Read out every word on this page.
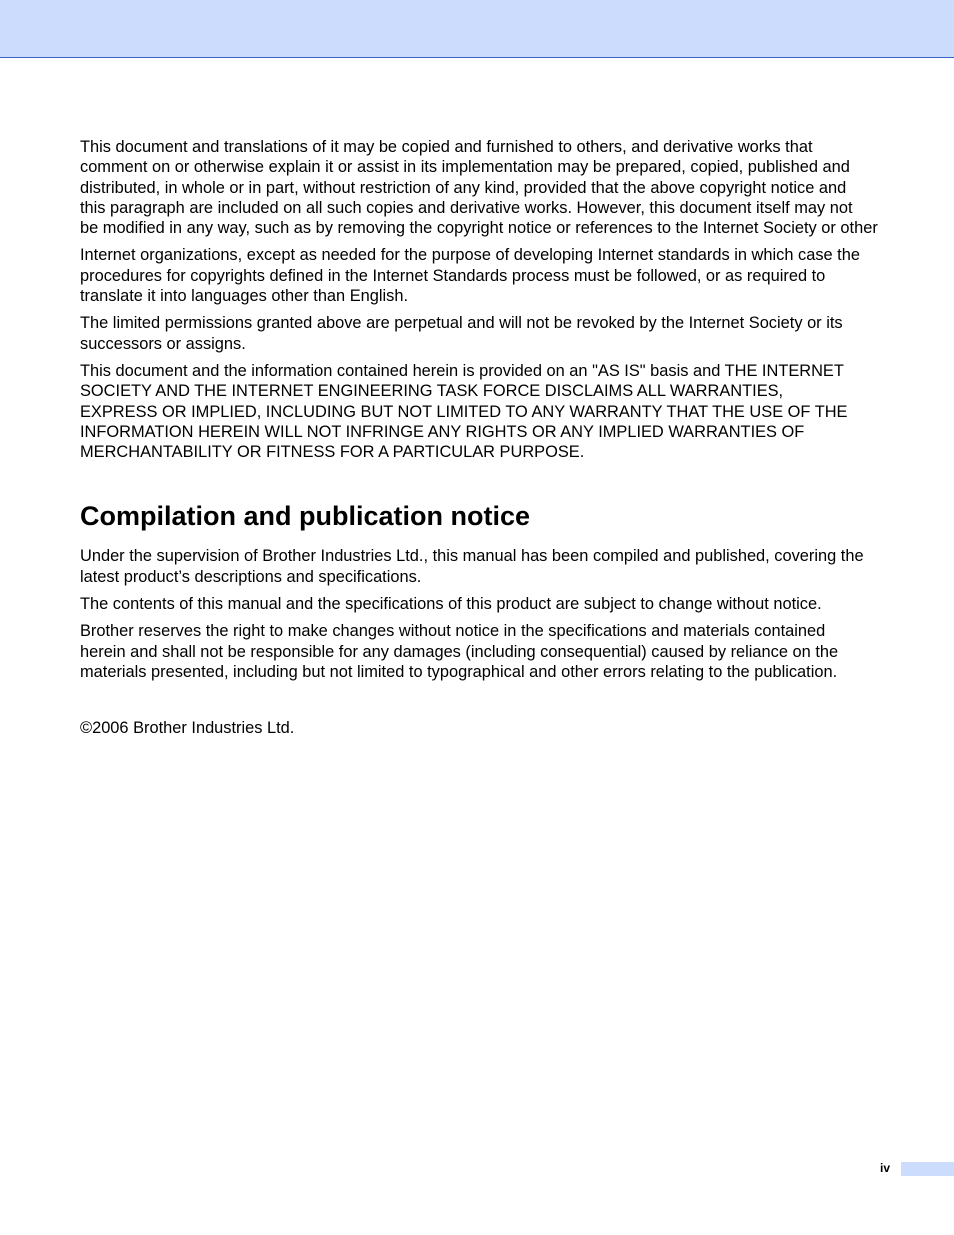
This document and translations of it may be copied and furnished to others, and derivative works that
comment on or otherwise explain it or assist in its implementation may be prepared, copied, published and
distributed, in whole or in part, without restriction of any kind, provided that the above copyright notice and
this paragraph are included on all such copies and derivative works. However, this document itself may not
be modified in any way, such as by removing the copyright notice or references to the Internet Society or other

Internet organizations, except as needed for the purpose of developing Internet standards in which case the
procedures for copyrights defined in the Internet Standards process must be followed, or as required to
translate it into languages other than English.

The limited permissions granted above are perpetual and will not be revoked by the Internet Society or its
successors or assigns.

This document and the information contained herein is provided on an "AS IS" basis and THE INTERNET
SOCIETY AND THE INTERNET ENGINEERING TASK FORCE DISCLAIMS ALL WARRANTIES,
EXPRESS OR IMPLIED, INCLUDING BUT NOT LIMITED TO ANY WARRANTY THAT THE USE OF THE
INFORMATION HEREIN WILL NOT INFRINGE ANY RIGHTS OR ANY IMPLIED WARRANTIES OF
MERCHANTABILITY OR FITNESS FOR A PARTICULAR PURPOSE.

Compilation and publication notice

Under the supervision of Brother Industries Ltd., this manual has been compiled and published, covering the
latest product’s descriptions and specifications.

The contents of this manual and the specifications of this product are subject to change without notice.

Brother reserves the right to make changes without notice in the specifications and materials contained
herein and shall not be responsible for any damages (including consequential) caused by reliance on the
materials presented, including but not limited to typographical and other errors relating to the publication.

©2006 Brother Industries Ltd.

iv
